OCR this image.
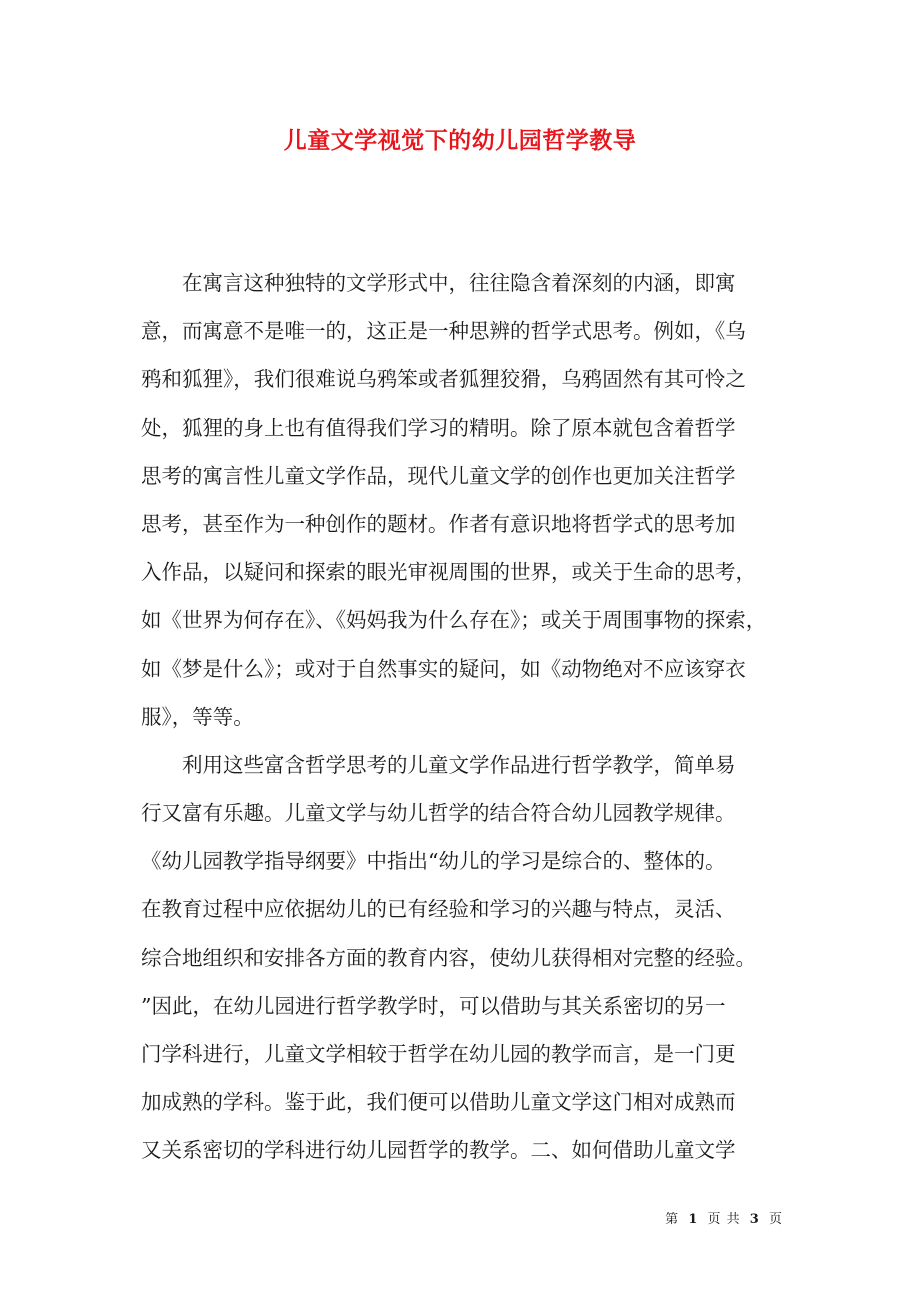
儿童文学视觉下的幼儿园哲学教导
在寓言这种独特的文学形式中，往往隐含着深刻的内涵，即寓
意，而寓意不是唯一的，这正是一种思辨的哲学式思考。例如，《乌
鸦和狐狸》，我们很难说乌鸦笨或者狐狸狡猾，乌鸦固然有其可怜之
处，狐狸的身上也有值得我们学习的精明。除了原本就包含着哲学
思考的寓言性儿童文学作品，现代儿童文学的创作也更加关注哲学
思考，甚至作为一种创作的题材。作者有意识地将哲学式的思考加
入作品，以疑问和探索的眼光审视周围的世界，或关于生命的思考，
如《世界为何存在》、《妈妈我为什么存在》；或关于周围事物的探索，
如《梦是什么》；或对于自然事实的疑问，如《动物绝对不应该穿衣
服》，等等。
利用这些富含哲学思考的儿童文学作品进行哲学教学，简单易
行又富有乐趣。儿童文学与幼儿哲学的结合符合幼儿园教学规律。
《幼儿园教学指导纲要》中指出“幼儿的学习是综合的、整体的。
在教育过程中应依据幼儿的已有经验和学习的兴趣与特点，灵活、
综合地组织和安排各方面的教育内容，使幼儿获得相对完整的经验。
”因此，在幼儿园进行哲学教学时，可以借助与其关系密切的另一
门学科进行，儿童文学相较于哲学在幼儿园的教学而言，是一门更
加成熟的学科。鉴于此，我们便可以借助儿童文学这门相对成熟而
又关系密切的学科进行幼儿园哲学的教学。二、如何借助儿童文学
第 1 页 共 3 页
